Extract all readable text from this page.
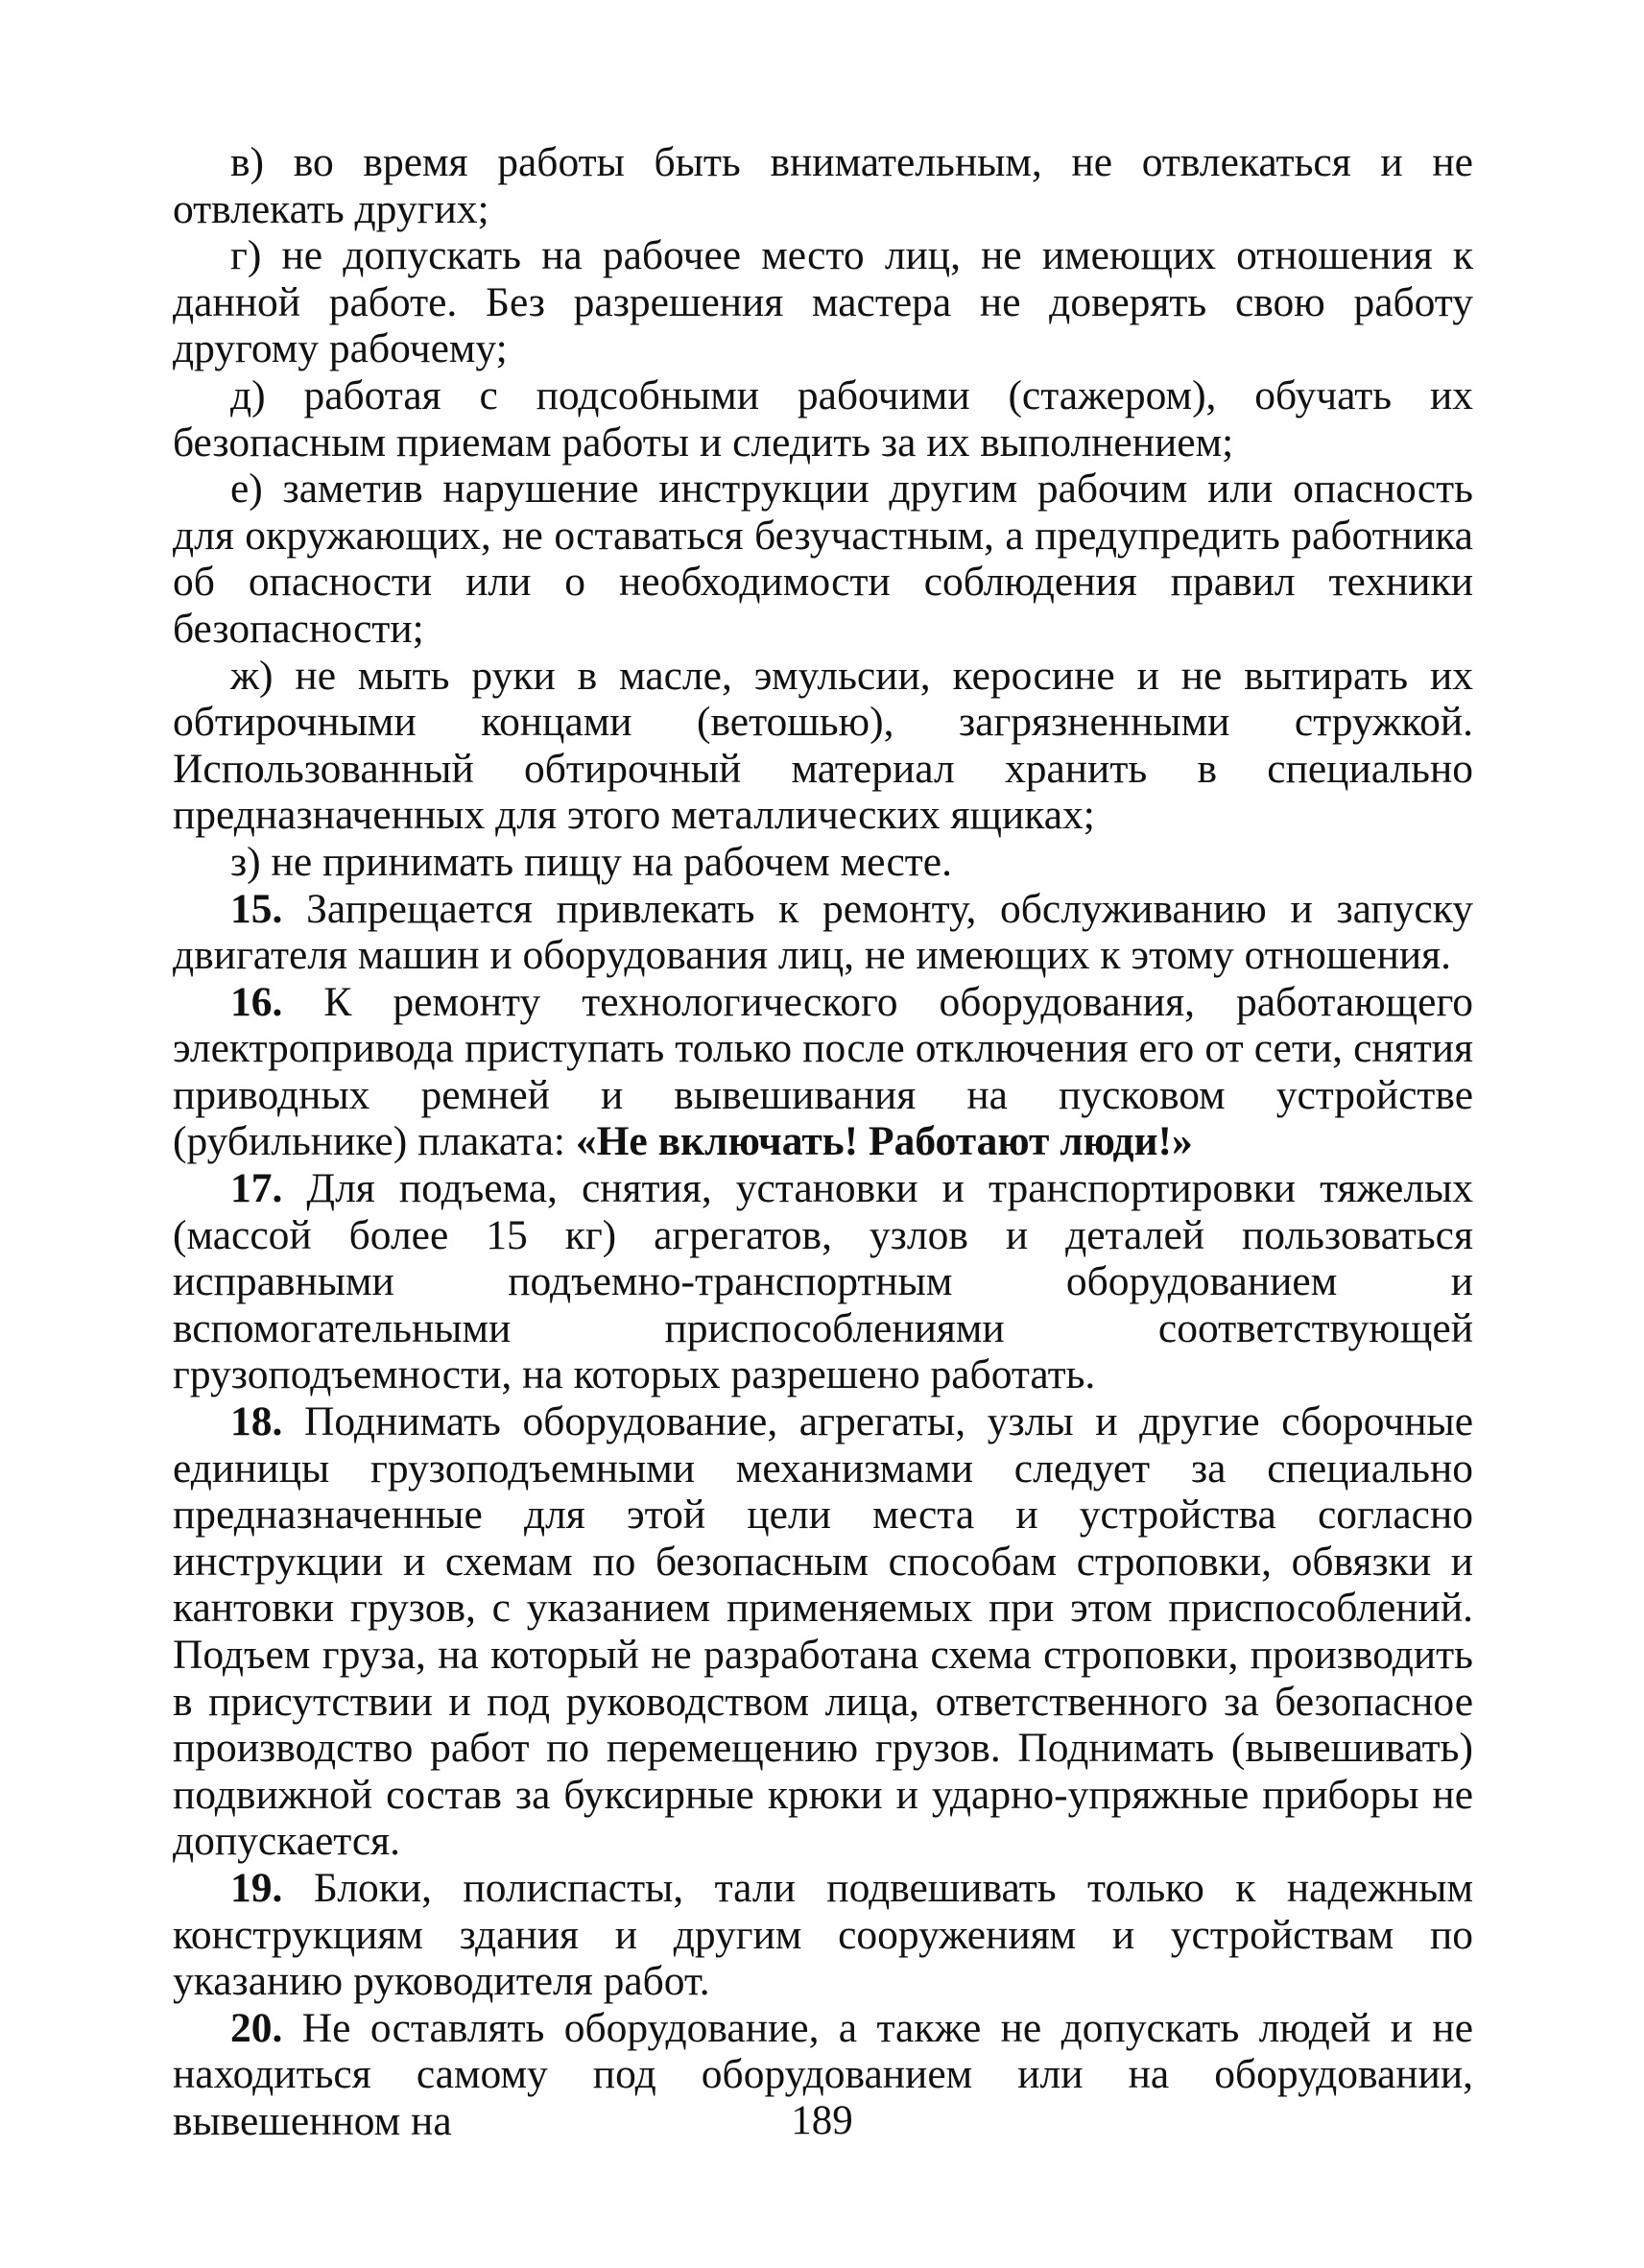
в) во время работы быть внимательным, не отвлекаться и не отвлекать других;

г) не допускать на рабочее место лиц, не имеющих отношения к данной работе. Без разрешения мастера не доверять свою работу другому рабочему;

д) работая с подсобными рабочими (стажером), обучать их безопасным приемам работы и следить за их выполнением;

е) заметив нарушение инструкции другим рабочим или опасность для окружающих, не оставаться безучастным, а предупредить работника об опасности или о необходимости соблюдения правил техники безопасности;

ж) не мыть руки в масле, эмульсии, керосине и не вытирать их обтирочными концами (ветошью), загрязненными стружкой. Использованный обтирочный материал хранить в специально предназначенных для этого металлических ящиках;

з) не принимать пищу на рабочем месте.

15. Запрещается привлекать к ремонту, обслуживанию и запуску двигателя машин и оборудования лиц, не имеющих к этому отношения.

16. К ремонту технологического оборудования, работающего электропривода приступать только после отключения его от сети, снятия приводных ремней и вывешивания на пусковом устройстве (рубильнике) плаката: «Не включать! Работают люди!»

17. Для подъема, снятия, установки и транспортировки тяжелых (массой более 15 кг) агрегатов, узлов и деталей пользоваться исправными подъемно-транспортным оборудованием и вспомогательными приспособлениями соответствующей грузоподъемности, на которых разрешено работать.

18. Поднимать оборудование, агрегаты, узлы и другие сборочные единицы грузоподъемными механизмами следует за специально предназначенные для этой цели места и устройства согласно инструкции и схемам по безопасным способам строповки, обвязки и кантовки грузов, с указанием применяемых при этом приспособлений. Подъем груза, на который не разработана схема строповки, производить в присутствии и под руководством лица, ответственного за безопасное производство работ по перемещению грузов. Поднимать (вывешивать) подвижной состав за буксирные крюки и ударно-упряжные приборы не допускается.

19. Блоки, полиспасты, тали подвешивать только к надежным конструкциям здания и другим сооружениям и устройствам по указанию руководителя работ.

20. Не оставлять оборудование, а также не допускать людей и не находиться самому под оборудованием или на оборудовании, вывешенном на	189
